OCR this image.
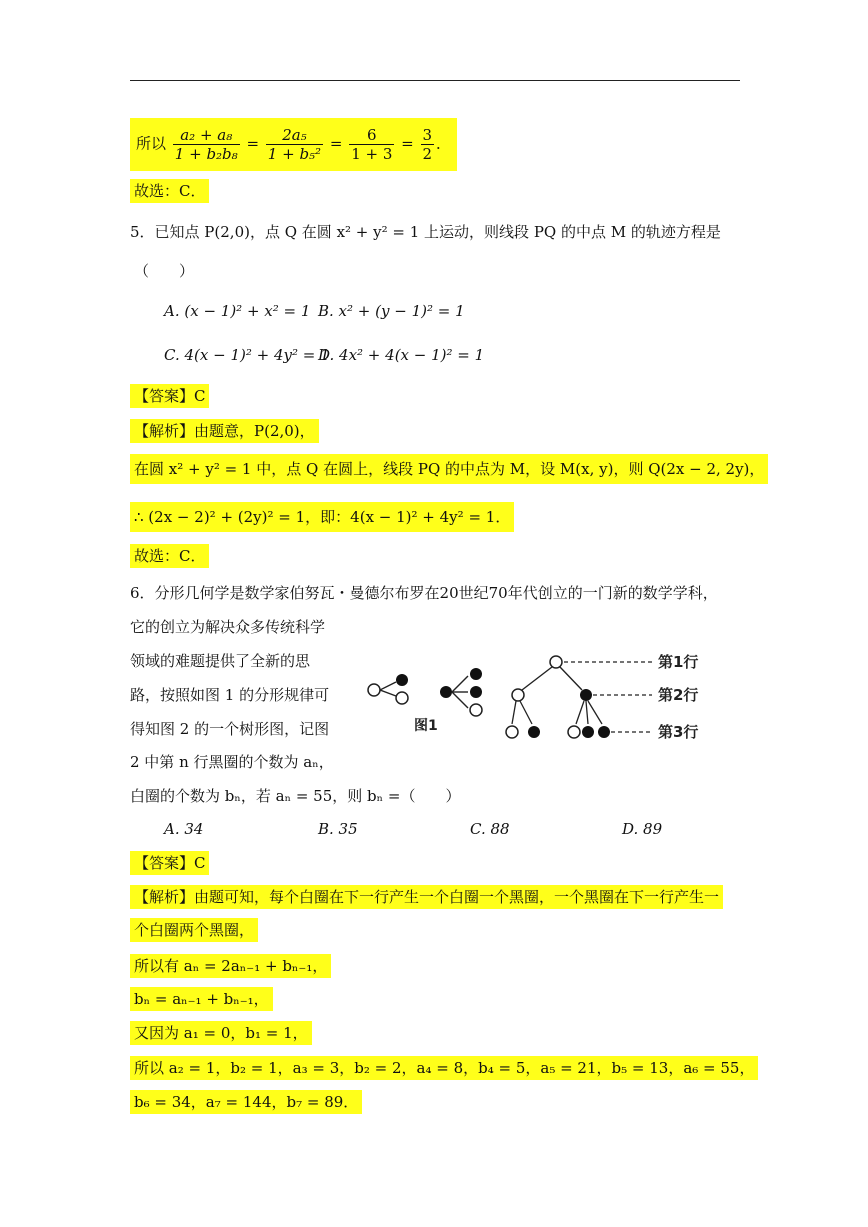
所以 $\frac{\text{a₂ + a₈}}{\text{1 + b₂b₈}} = \frac{\text{2a₅}}{\text{1 + b₅²}} = \frac{6}{1 + 3} = \frac{3}{2}$ ．
故选：C．
5．已知点 P(2,0)，点 Q 在圆 x² + y² = 1 上运动，则线段 PQ 的中点 M 的轨迹方程是
（　　）
A. (x − 1)² + x² = 1 B. x² + (y − 1)² = 1
C. 4(x − 1)² + 4y² = 1
D. 4x² + 4(x − 1)² = 1
【答案】C
【解析】由题意，P(2,0)，
在圆 x² + y² = 1 中，点 Q 在圆上，线段 PQ 的中点为 M，设 M(x, y)，则 Q(2x − 2, 2y)，
∴ (2x − 2)² + (2y)² = 1，即：4(x − 1)² + 4y² = 1．
故选：C．
6．分形几何学是数学家伯努瓦・曼德尔布罗在20世纪70年代创立的一门新的数学学科，
它的创立为解决众多传统科学
领域的难题提供了全新的思
路，按照如图 1 的分形规律可
得知图 2 的一个树形图，记图
2 中第 n 行黑圈的个数为 aₙ，
白圈的个数为 bₙ，若 aₙ = 55，则 bₙ =（　　）
图1
第1行
第2行
第3行
A. 34	B. 35	C. 88	D. 89
【答案】C
【解析】由题可知，每个白圈在下一行产生一个白圈一个黑圈，一个黑圈在下一行产生一
个白圈两个黑圈，
所以有 aₙ = 2aₙ₋₁ + bₙ₋₁，
bₙ = aₙ₋₁ + bₙ₋₁，
又因为 a₁ = 0，b₁ = 1，
所以 a₂ = 1，b₂ = 1，a₃ = 3，b₂ = 2，a₄ = 8，b₄ = 5，a₅ = 21，b₅ = 13，a₆ = 55，
b₆ = 34，a₇ = 144，b₇ = 89．
